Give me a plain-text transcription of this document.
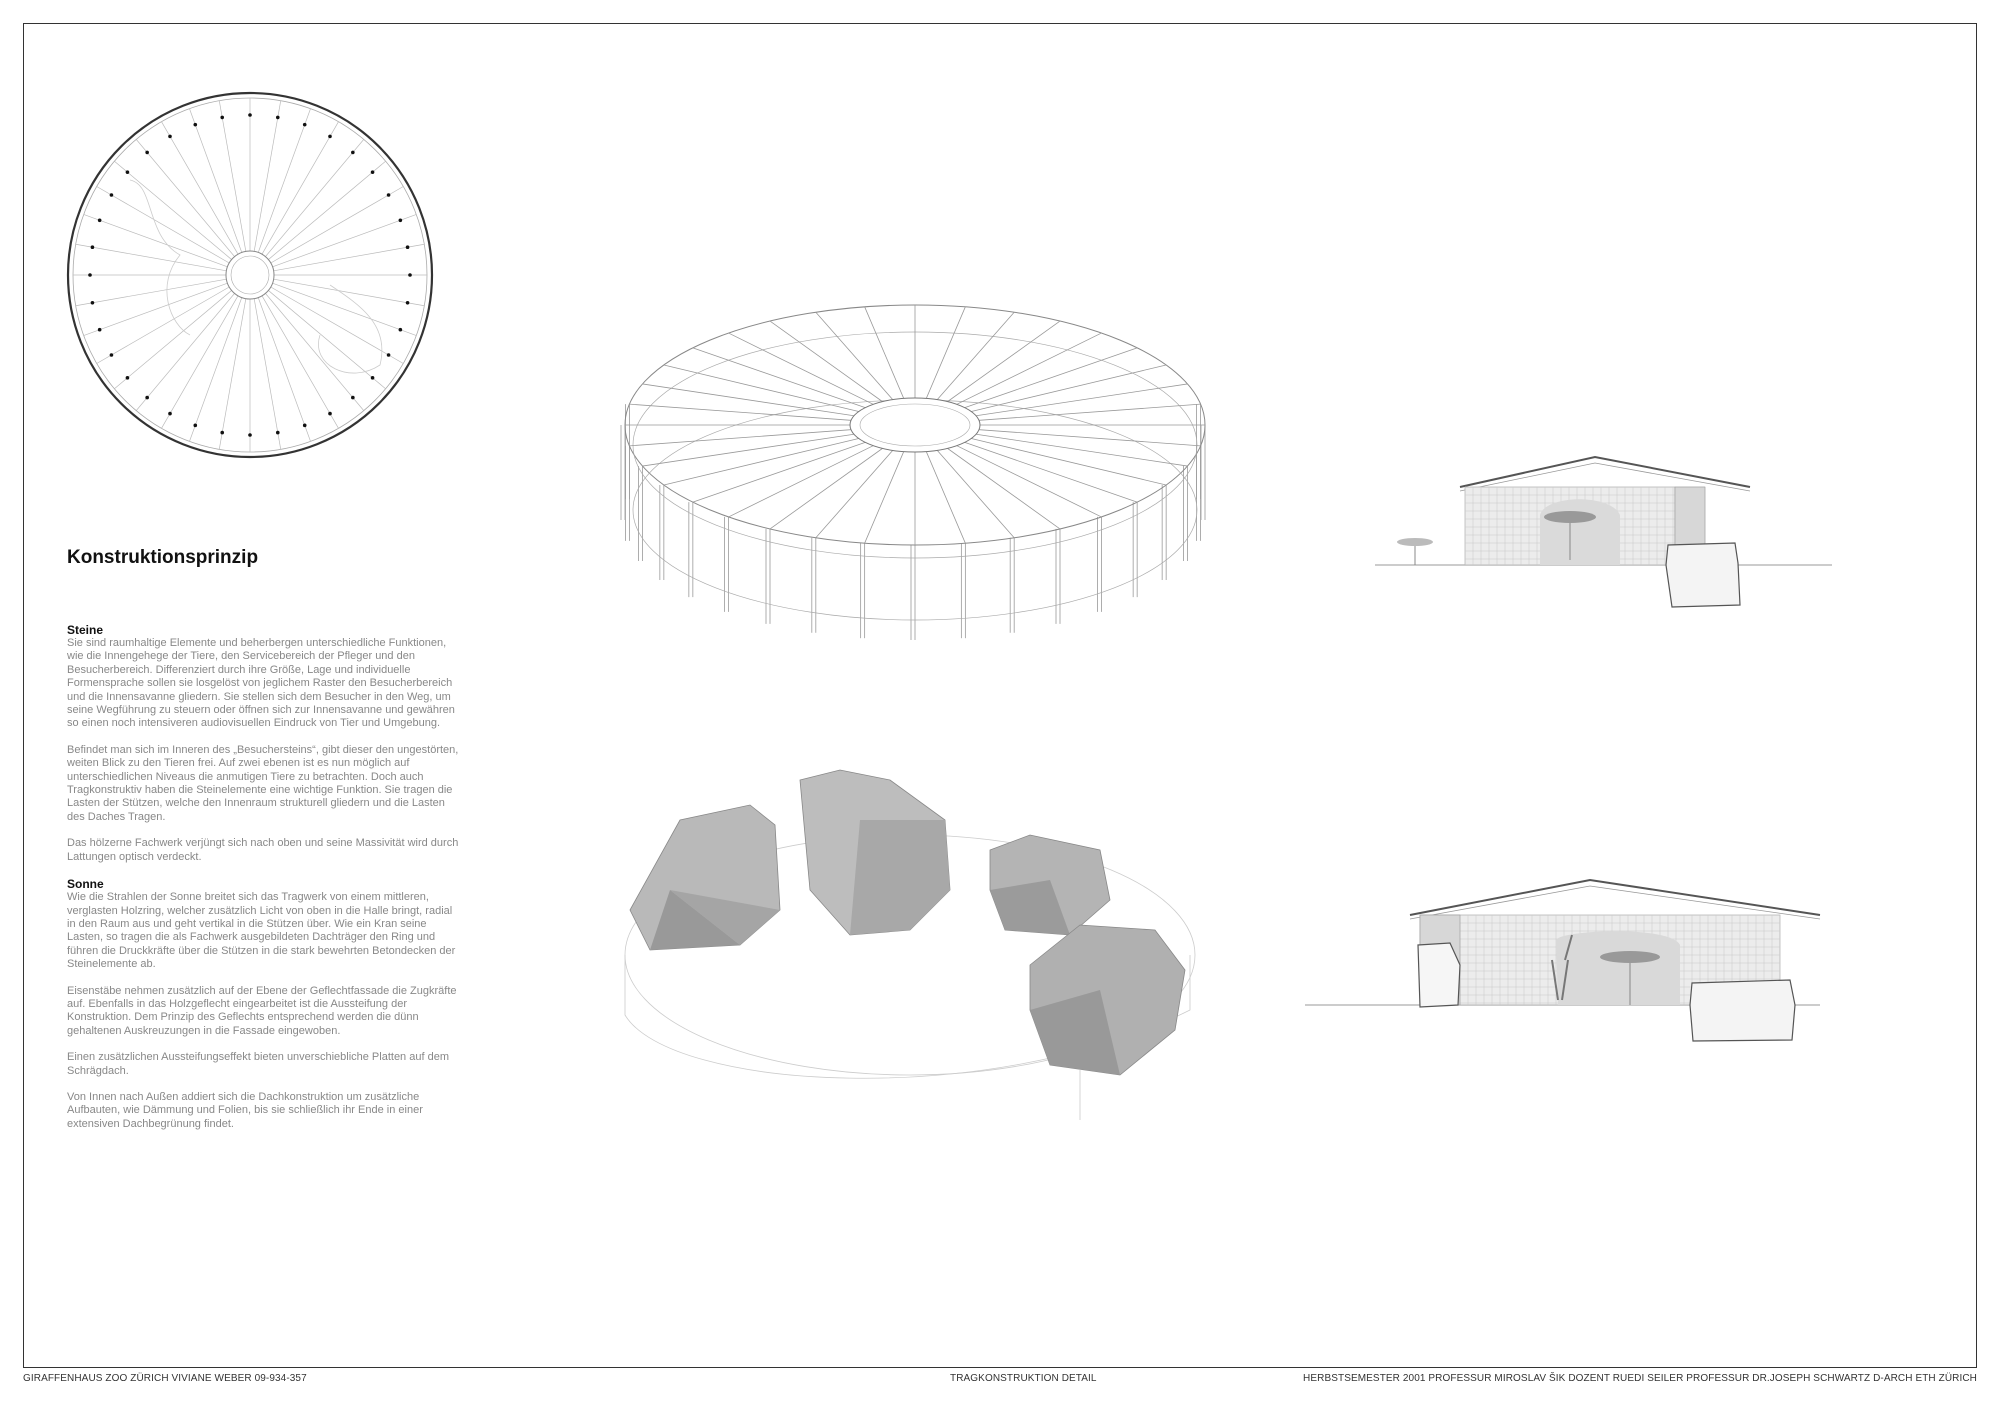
Konstruktionsprinzip
Steine

Sie sind raumhaltige Elemente und beherbergen unterschiedliche Funktionen, wie die Innengehege der Tiere, den Servicebereich der Pfleger und den Besucherbereich. Differenziert durch ihre Größe, Lage und individuelle Formensprache sollen sie losgelöst von jeglichem Raster den Besucherbereich und die Innensavanne gliedern. Sie stellen sich dem Besucher in den Weg, um seine Wegführung zu steuern oder öffnen sich zur Innensavanne und gewähren so einen noch intensiveren audiovisuellen Eindruck von Tier und Umgebung.

Befindet man sich im Inneren des „Besuchersteins“, gibt dieser den ungestörten, weiten Blick zu den Tieren frei. Auf zwei ebenen ist es nun möglich auf unterschiedlichen Niveaus die anmutigen Tiere zu betrachten. Doch auch Tragkonstruktiv haben die Steinelemente eine wichtige Funktion. Sie tragen die Lasten der Stützen, welche den Innenraum strukturell gliedern und die Lasten des Daches Tragen.

Das hölzerne Fachwerk verjüngt sich nach oben und seine Massivität wird durch Lattungen optisch verdeckt.

Sonne

Wie die Strahlen der Sonne breitet sich das Tragwerk von einem mittleren, verglasten Holzring, welcher zusätzlich Licht von oben in die Halle bringt, radial in den Raum aus und geht vertikal in die Stützen über. Wie ein Kran seine Lasten, so tragen die als Fachwerk ausgebildeten Dachträger den Ring und führen die Druckkräfte über die Stützen in die stark bewehrten Betondecken der Steinelemente ab.

Eisenstäbe nehmen zusätzlich auf der Ebene der Geflechtfassade die Zugkräfte auf. Ebenfalls in das Holzgeflecht eingearbeitet ist die Aussteifung der Konstruktion. Dem Prinzip des Geflechts entsprechend werden die dünn gehaltenen Auskreuzungen in die Fassade eingewoben.

Einen zusätzlichen Aussteifungseffekt bieten unverschiebliche Platten auf dem Schrägdach.

Von Innen nach Außen addiert sich die Dachkonstruktion um zusätzliche Aufbauten, wie Dämmung und Folien, bis sie schließlich ihr Ende in einer extensiven Dachbegrünung findet.

GIRAFFENHAUS ZOO ZÜRICH VIVIANE WEBER 09-934-357	TRAGKONSTRUKTION DETAIL	HERBSTSEMESTER 2001 PROFESSUR MIROSLAV ŠIK DOZENT RUEDI SEILER PROFESSUR DR.JOSEPH SCHWARTZ D-ARCH ETH ZÜRICH
